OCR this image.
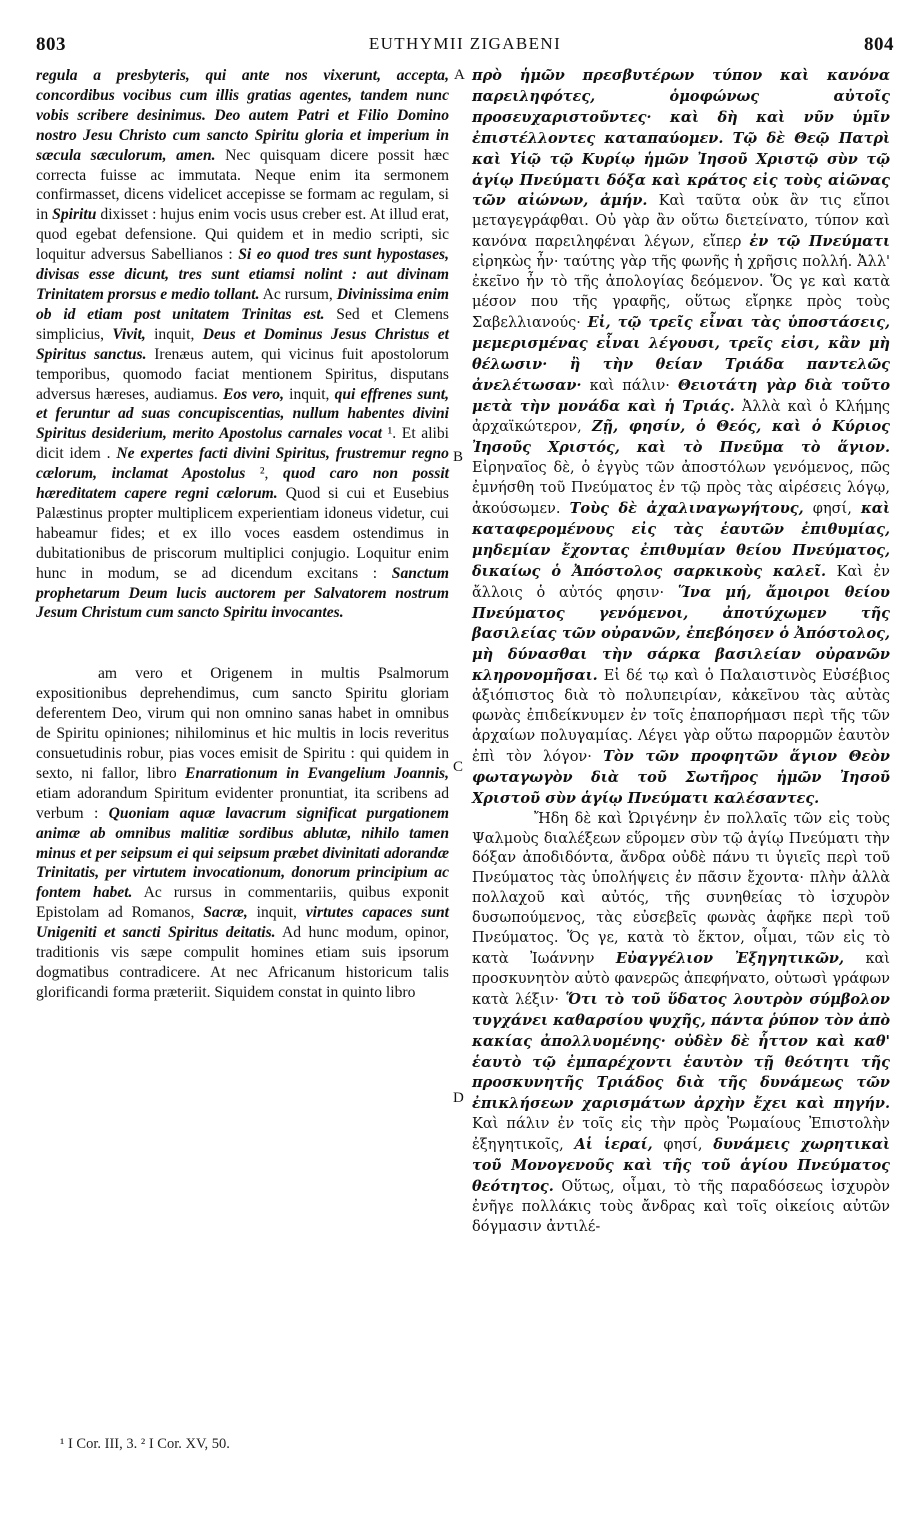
803	EUTHYMII ZIGABENI	804
A
B
C
D

regula a presbyteris, qui ante nos vixerunt, accepta, concordibus vocibus cum illis gratias agentes, tandem nunc vobis scribere desinimus. Deo autem Patri et Filio Domino nostro Jesu Christo cum sancto Spiritu gloria et imperium in sæcula sæculorum, amen. Nec quisquam dicere possit hæc correcta fuisse ac immutata. Neque enim ita sermonem confirmasset, dicens videlicet accepisse se formam ac regulam, si in Spiritu dixisset : hujus enim vocis usus creber est. At illud erat, quod egebat defensione. Qui quidem et in medio scripti, sic loquitur adversus Sabellianos : Si eo quod tres sunt hypostases, divisas esse dicunt, tres sunt etiamsi nolint : aut divinam Trinitatem prorsus e medio tollant. Ac rursum, Divinissima enim ob id etiam post unitatem Trinitas est. Sed et Clemens simplicius, Vivit, inquit, Deus et Dominus Jesus Christus et Spiritus sanctus. Irenæus autem, qui vicinus fuit apostolorum temporibus, quomodo faciat mentionem Spiritus, disputans adversus hæreses, audiamus. Eos vero, inquit, qui effrenes sunt, et feruntur ad suas concupiscentias, nullum habentes divini Spiritus desiderium, merito Apostolus carnales vocat ¹. Et alibi dicit idem . Ne expertes facti divini Spiritus, frustremur regno cælorum, inclamat Apostolus ², quod caro non possit hæreditatem capere regni cælorum. Quod si cui et Eusebius Palæstinus propter multiplicem experientiam idoneus videtur, cui habeamur fides; et ex illo voces easdem ostendimus in dubitationibus de priscorum multiplici conjugio. Loquitur enim hunc in modum, se ad dicendum excitans : Sanctum prophetarum Deum lucis auctorem per Salvatorem nostrum Jesum Christum cum sancto Spiritu invocantes.

am vero et Origenem in multis Psalmorum expositionibus deprehendimus, cum sancto Spiritu gloriam deferentem Deo, virum qui non omnino sanas habet in omnibus de Spiritu opiniones; nihilominus et hic multis in locis reveritus consuetudinis robur, pias voces emisit de Spiritu : qui quidem in sexto, ni fallor, libro Enarrationum in Evangelium Joannis, etiam adorandum Spiritum evidenter pronuntiat, ita scribens ad verbum : Quoniam aquæ lavacrum significat purgationem animæ ab omnibus malitiæ sordibus ablutæ, nihilo tamen minus et per seipsum ei qui seipsum præbet divinitati adorandæ Trinitatis, per virtutem invocationum, donorum principium ac fontem habet. Ac rursus in commentariis, quibus exponit Epistolam ad Romanos, Sacræ, inquit, virtutes capaces sunt Unigeniti et sancti Spiritus deitatis. Ad hunc modum, opinor, traditionis vis sæpe compulit homines etiam suis ipsorum dogmatibus contradicere. At nec Africanum historicum talis glorificandi forma præteriit. Siquidem constat in quinto libro

πρὸ ἡμῶν πρεσβυτέρων τύπον καὶ κανόνα παρειληφότες, ὁμοφώνως αὐτοῖς προσευχαριστοῦντες· καὶ δὴ καὶ νῦν ὑμῖν ἐπιστέλλοντες καταπαύομεν. Τῷ δὲ Θεῷ Πατρὶ καὶ Υἱῷ τῷ Κυρίῳ ἡμῶν Ἰησοῦ Χριστῷ σὺν τῷ ἁγίῳ Πνεύματι δόξα καὶ κράτος εἰς τοὺς αἰῶνας τῶν αἰώνων, ἀμήν. Καὶ ταῦτα οὐκ ἂν τις εἴποι μεταγεγράφθαι. Οὐ γὰρ ἂν οὕτω διετείνατο, τύπον καὶ κανόνα παρειληφέναι λέγων, εἴπερ ἐν τῷ Πνεύματι εἰρηκὼς ἦν· ταύτης γὰρ τῆς φωνῆς ἡ χρῆσις πολλή. Ἀλλ' ἐκεῖνο ἦν τὸ τῆς ἀπολογίας δεόμενον. Ὅς γε καὶ κατὰ μέσον που τῆς γραφῆς, οὕτως εἴρηκε πρὸς τοὺς Σαβελλιανούς· Εἰ, τῷ τρεῖς εἶναι τὰς ὑποστάσεις, μεμερισμένας εἶναι λέγουσι, τρεῖς εἰσι, κἂν μὴ θέλωσιν· ἢ τὴν θείαν Τριάδα παντελῶς ἀνελέτωσαν· καὶ πάλιν· Θειοτάτη γὰρ διὰ τοῦτο μετὰ τὴν μονάδα καὶ ἡ Τριάς. Ἀλλὰ καὶ ὁ Κλήμης ἀρχαϊκώτερον, Ζῇ, φησίν, ὁ Θεός, καὶ ὁ Κύριος Ἰησοῦς Χριστός, καὶ τὸ Πνεῦμα τὸ ἅγιον. Εἰρηναῖος δὲ, ὁ ἐγγὺς τῶν ἀποστόλων γενόμενος, πῶς ἐμνήσθη τοῦ Πνεύματος ἐν τῷ πρὸς τὰς αἱρέσεις λόγῳ, ἀκούσωμεν. Τοὺς δὲ ἀχαλιναγωγήτους, φησί, καὶ καταφερομένους εἰς τὰς ἑαυτῶν ἐπιθυμίας, μηδεμίαν ἔχοντας ἐπιθυμίαν θείου Πνεύματος, δικαίως ὁ Ἀπόστολος σαρκικοὺς καλεῖ. Καὶ ἐν ἄλλοις ὁ αὐτός φησιν· Ἵνα μή, ἄμοιροι θείου Πνεύματος γενόμενοι, ἀποτύχωμεν τῆς βασιλείας τῶν οὐρανῶν, ἐπεβόησεν ὁ Ἀπόστολος, μὴ δύνασθαι τὴν σάρκα βασιλείαν οὐρανῶν κληρονομῆσαι. Εἰ δέ τῳ καὶ ὁ Παλαιστινὸς Εὐσέβιος ἀξιόπιστος διὰ τὸ πολυπειρίαν, κἀκεῖνου τὰς αὐτὰς φωνὰς ἐπιδείκνυμεν ἐν τοῖς ἐπαπορήμασι περὶ τῆς τῶν ἀρχαίων πολυγαμίας. Λέγει γὰρ οὕτω παρορμῶν ἑαυτὸν ἐπὶ τὸν λόγον· Τὸν τῶν προφητῶν ἅγιον Θεὸν φωταγωγὸν διὰ τοῦ Σωτῆρος ἡμῶν Ἰησοῦ Χριστοῦ σὺν ἁγίῳ Πνεύματι καλέσαντες.

Ἤδη δὲ καὶ Ὠριγένην ἐν πολλαῖς τῶν εἰς τοὺς Ψαλμοὺς διαλέξεων εὕρομεν σὺν τῷ ἁγίῳ Πνεύματι τὴν δόξαν ἀποδιδόντα, ἄνδρα οὐδὲ πάνυ τι ὑγιεῖς περὶ τοῦ Πνεύματος τὰς ὑπολήψεις ἐν πᾶσιν ἔχοντα· πλὴν ἀλλὰ πολλαχοῦ καὶ αὐτός, τῆς συνηθείας τὸ ἰσχυρὸν δυσωπούμενος, τὰς εὐσεβεῖς φωνὰς ἀφῆκε περὶ τοῦ Πνεύματος. Ὅς γε, κατὰ τὸ ἕκτον, οἶμαι, τῶν εἰς τὸ κατὰ Ἰωάννην Εὐαγγέλιον Ἐξηγητικῶν, καὶ προσκυνητὸν αὐτὸ φανερῶς ἀπεφήνατο, οὑτωσὶ γράφων κατὰ λέξιν· Ὅτι τὸ τοῦ ὕδατος λουτρὸν σύμβολον τυγχάνει καθαρσίου ψυχῆς, πάντα ῥύπον τὸν ἀπὸ κακίας ἀπολλυομένης· οὐδὲν δὲ ἧττον καὶ καθ' ἑαυτὸ τῷ ἐμπαρέχοντι ἑαυτὸν τῇ θεότητι τῆς προσκυνητῆς Τριάδος διὰ τῆς δυνάμεως τῶν ἐπικλήσεων χαρισμάτων ἀρχὴν ἔχει καὶ πηγήν. Καὶ πάλιν ἐν τοῖς εἰς τὴν πρὸς Ῥωμαίους Ἐπιστολὴν ἐξηγητικοῖς, Αἱ ἱεραί, φησί, δυνάμεις χωρητικαὶ τοῦ Μονογενοῦς καὶ τῆς τοῦ ἁγίου Πνεύματος θεότητος. Οὕτως, οἶμαι, τὸ τῆς παραδόσεως ἰσχυρὸν ἐνῆγε πολλάκις τοὺς ἄνδρας καὶ τοῖς οἰκείοις αὐτῶν δόγμασιν ἀντιλέ-

¹ I Cor. III, 3. ² I Cor. XV, 50.
